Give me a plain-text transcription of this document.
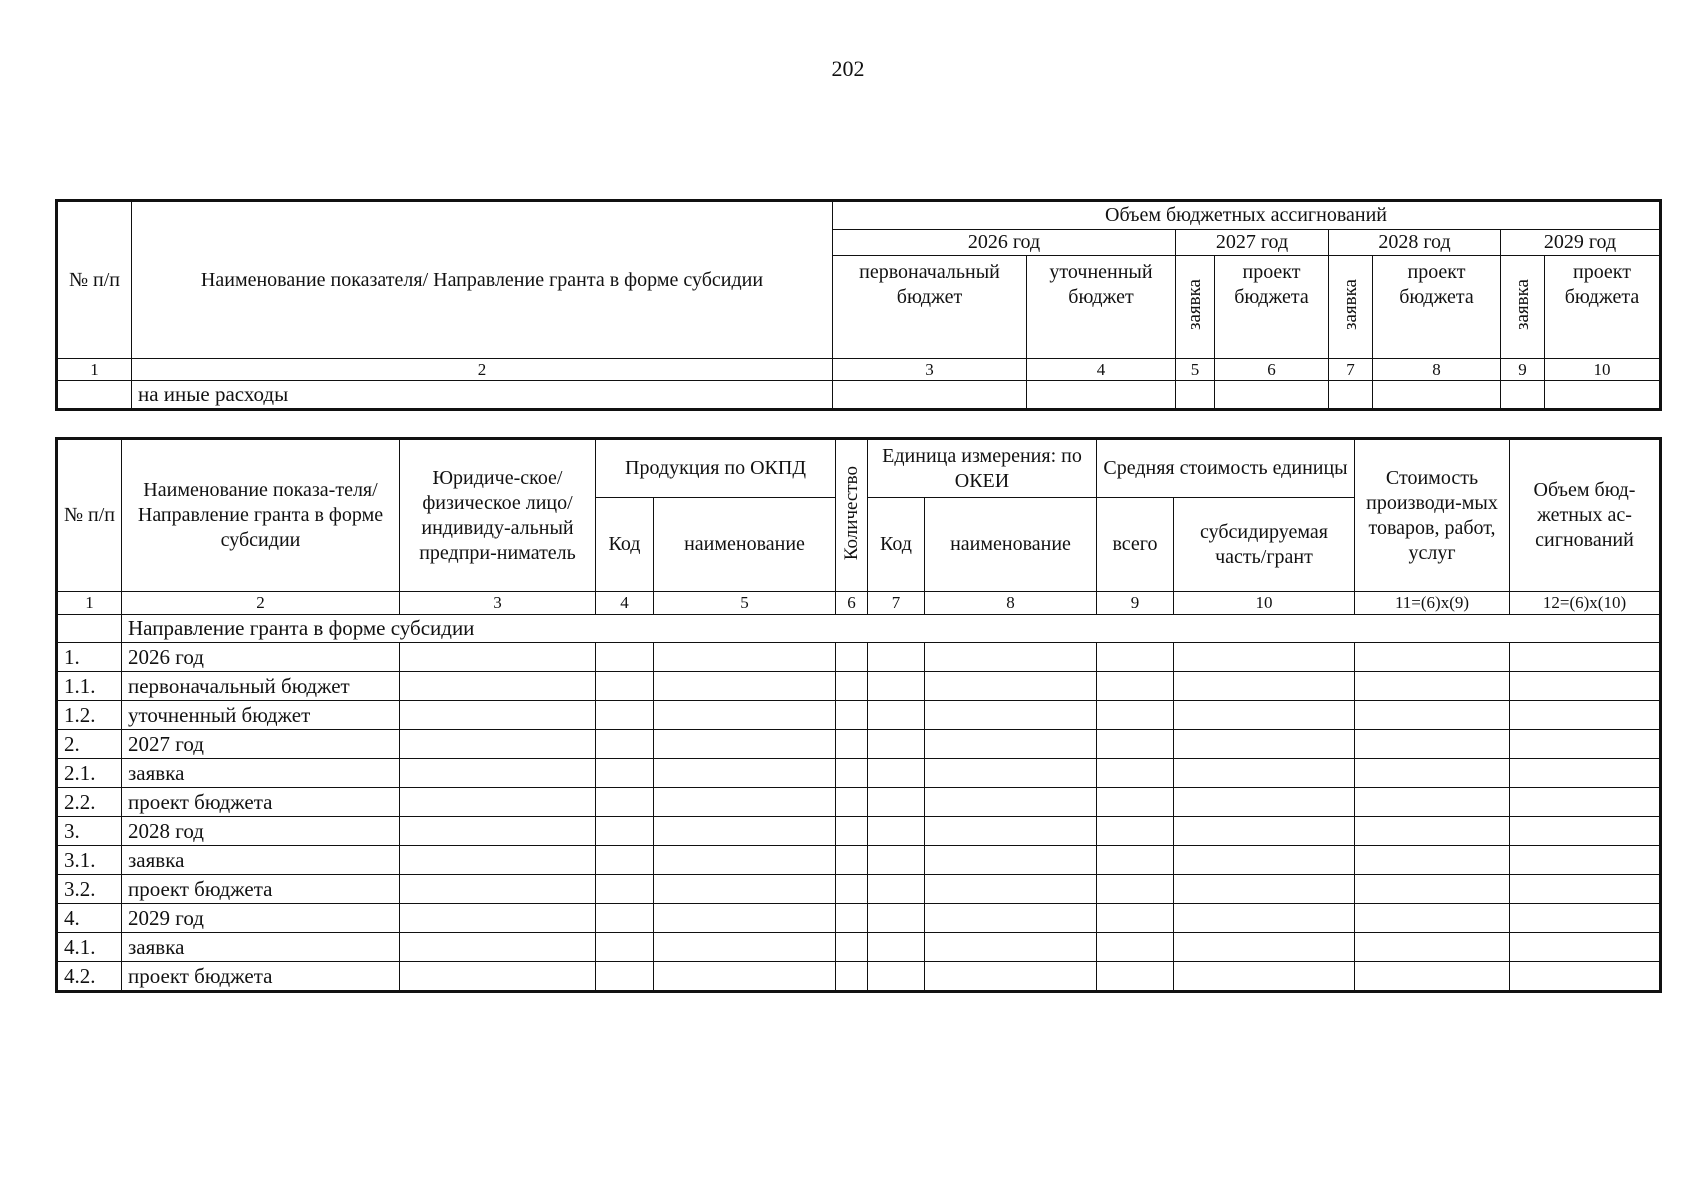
202
№ п/п	Наименование показателя/ Направление гранта в форме субсидии	Объем бюджетных ассигнований							
		2026 год		2027 год		2028 год		2029 год	
		первоначальный бюджет	уточненный бюджет	заявка	проект бюджета	заявка	проект бюджета	заявка	проект бюджета
1	2	3	4	5	6	7	8	9	10
	на иные расходы								
№ п/п	Наименование показа-теля/ Направление гранта в форме субсидии	Юридиче-ское/физическое лицо/ индивиду-альный предпри-ниматель	Продукция по ОКПД		Количество	Единица измерения: по ОКЕИ		Средняя стоимость единицы		Стоимость производи-мых товаров, работ, услуг	Объем бюд-жетных ас-сигнований
			Код	наименование		Код	наименование	всего	субсидируемая часть/грант		
1	2	3	4	5	6	7	8	9	10	11=(6)х(9)	12=(6)х(10)
	Направление гранта в форме субсидии										
1.	2026 год										
1.1.	первоначальный бюджет										
1.2.	уточненный бюджет										
2.	2027 год										
2.1.	заявка										
2.2.	проект бюджета										
3.	2028 год										
3.1.	заявка										
3.2.	проект бюджета										
4.	2029 год										
4.1.	заявка										
4.2.	проект бюджета										
